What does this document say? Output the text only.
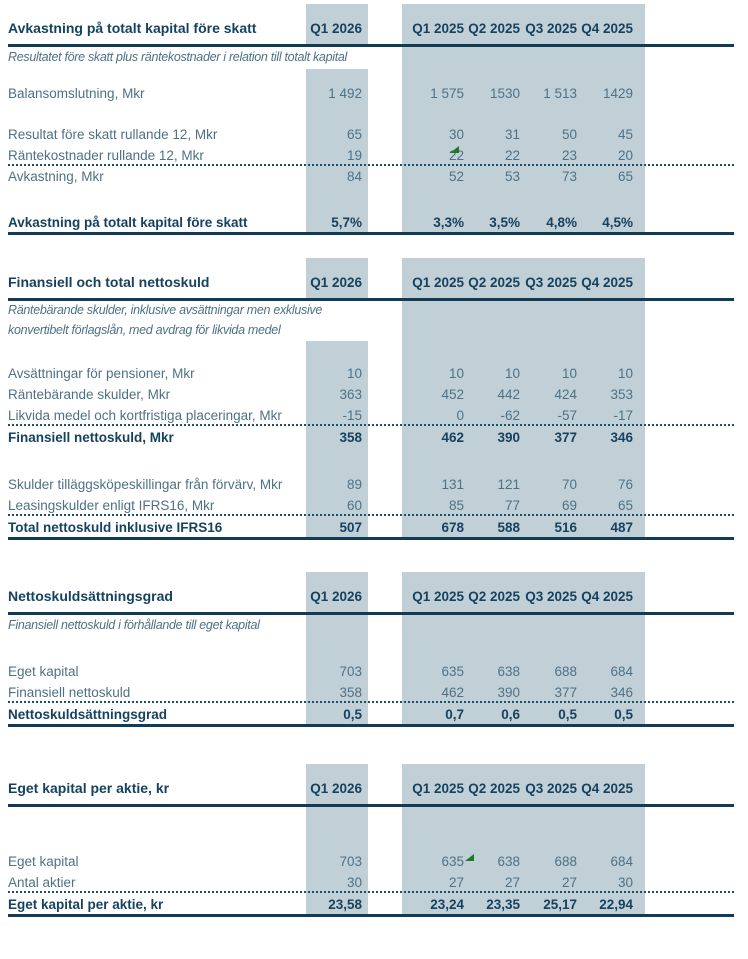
Avkastning på totalt kapital före skatt	Q1 2026	Q1 2025 Q2 2025 Q3 2025 Q4 2025
Resultatet före skatt plus räntekostnader i relation till totalt kapital
Balansomslutning, Mkr	1 492	1 575	1530	1 513	1429
Resultat före skatt rullande 12, Mkr	65	30	31	50	45
Räntekostnader rullande 12, Mkr	19	22	22	23	20
Avkastning, Mkr	84	52	53	73	65
Avkastning på totalt kapital före skatt	5,7%	3,3%	3,5%	4,8%	4,5%
Finansiell och total nettoskuld	Q1 2026	Q1 2025 Q2 2025 Q3 2025 Q4 2025
Räntebärande skulder, inklusive avsättningar men exklusive
konvertibelt förlagslån, med avdrag för likvida medel
Avsättningar för pensioner, Mkr	10	10	10	10	10
Räntebärande skulder, Mkr	363	452	442	424	353
Likvida medel och kortfristiga placeringar, Mkr	-15	0	-62	-57	-17
Finansiell nettoskuld, Mkr	358	462	390	377	346
Skulder tilläggsköpeskillingar från förvärv, Mkr	89	131	121	70	76
Leasingskulder enligt IFRS16, Mkr	60	85	77	69	65
Total nettoskuld inklusive IFRS16	507	678	588	516	487
Nettoskuldsättningsgrad	Q1 2026	Q1 2025 Q2 2025 Q3 2025 Q4 2025
Finansiell nettoskuld i förhållande till eget kapital
Eget kapital	703	635	638	688	684
Finansiell nettoskuld	358	462	390	377	346
Nettoskuldsättningsgrad	0,5	0,7	0,6	0,5	0,5
Eget kapital per aktie, kr	Q1 2026	Q1 2025 Q2 2025 Q3 2025 Q4 2025
Eget kapital	703	635	638	688	684
Antal aktier	30	27	27	27	30
Eget kapital per aktie, kr	23,58	23,24	23,35	25,17	22,94
